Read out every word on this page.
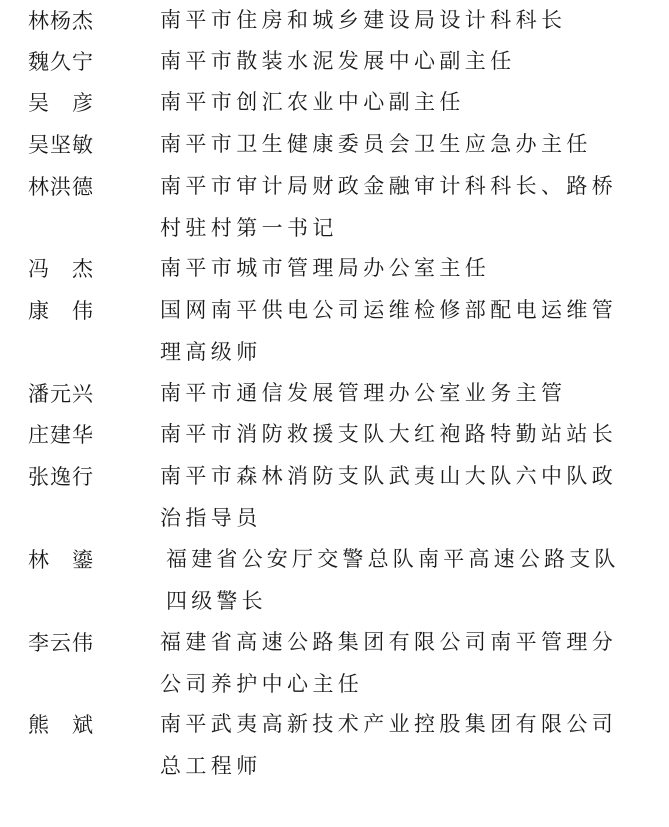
林杨杰	南平市住房和城乡建设局设计科科长
魏久宁	南平市散装水泥发展中心副主任
吴　彦	南平市创汇农业中心副主任
吴坚敏	南平市卫生健康委员会卫生应急办主任
林洪德	南平市审计局财政金融审计科科长、路桥村驻村第一书记
冯　杰	南平市城市管理局办公室主任
康　伟	国网南平供电公司运维检修部配电运维管理高级师
潘元兴	南平市通信发展管理办公室业务主管
庄建华	南平市消防救援支队大红袍路特勤站站长
张逸行	南平市森林消防支队武夷山大队六中队政治指导员
林　鎏	福建省公安厅交警总队南平高速公路支队四级警长
李云伟	福建省高速公路集团有限公司南平管理分公司养护中心主任
熊　斌	南平武夷高新技术产业控股集团有限公司总工程师
